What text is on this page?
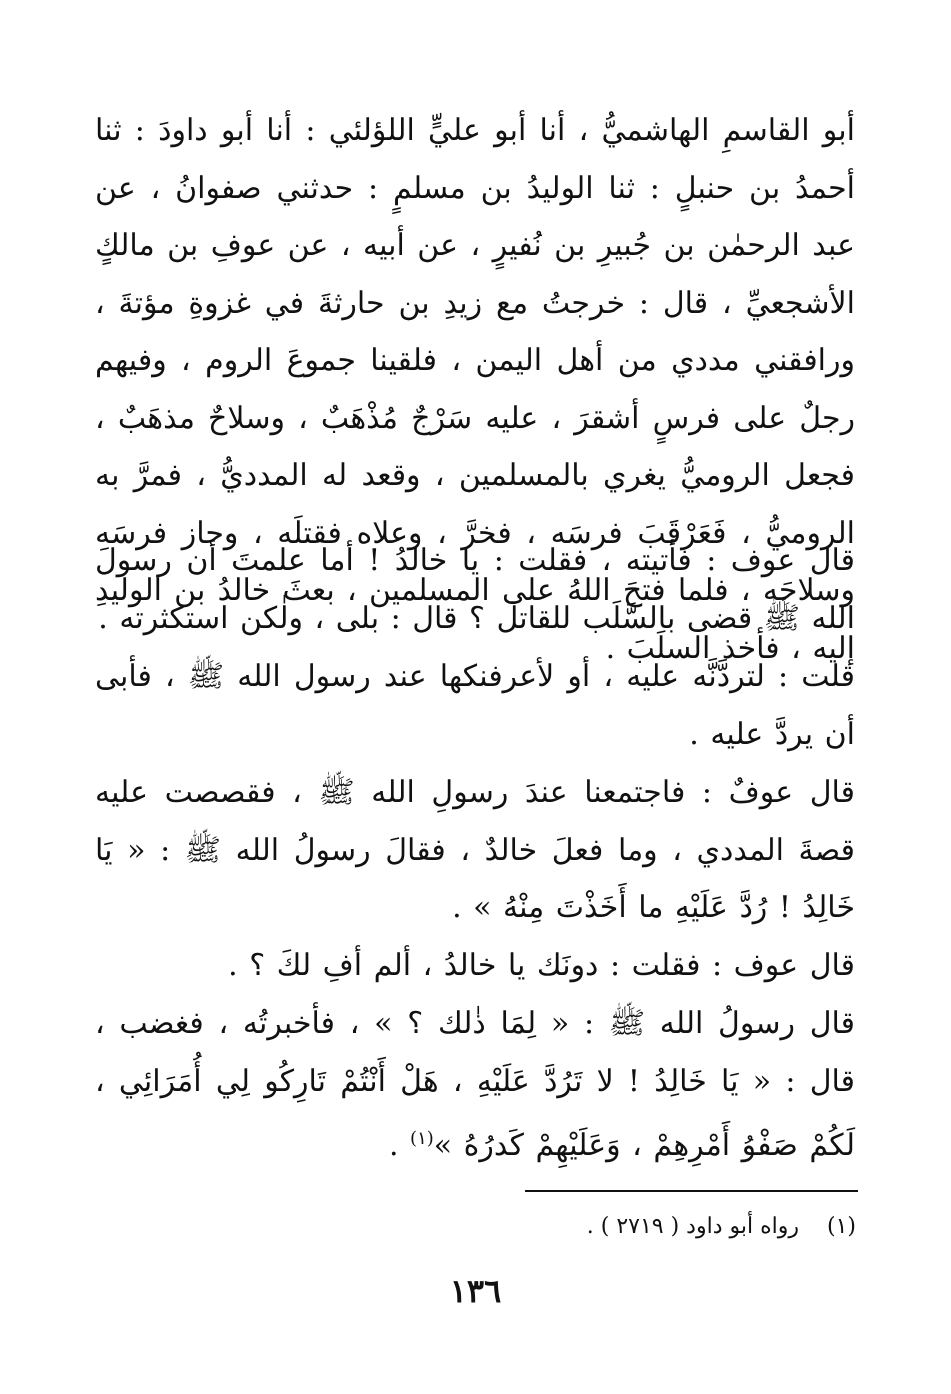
أبو القاسمِ الهاشميُّ ، أنا أبو عليٍّ اللؤلئي : أنا أبو داودَ : ثنا أحمدُ بن حنبلٍ : ثنا الوليدُ بن مسلمٍ : حدثني صفوانُ ، عن عبد الرحمٰن بن جُبيرِ بن نُفيرٍ ، عن أبيه ، عن عوفِ بن مالكٍ الأشجعيِّ ، قال : خرجتُ مع زيدِ بن حارثةَ في غزوةِ مؤتةَ ، ورافقني مددي من أهل اليمن ، فلقينا جموعَ الروم ، وفيهم رجلٌ على فرسٍ أشقرَ ، عليه سَرْجٌ مُذْهَبٌ ، وسلاحٌ مذهَبٌ ، فجعل الروميُّ يغري بالمسلمين ، وقعد له المدديُّ ، فمرَّ به الروميُّ ، فَعَرْقَبَ فرسَه ، فخرَّ ، وعلاه فقتلَه ، وحاز فرسَه وسلاحَه ، فلما فتحَ اللهُ على المسلمين ، بعثَ خالدُ بن الوليدِ إليه ، فأخذ السلَبَ .

قال عوف : فأتيته ، فقلت : يا خالدُ ! أما علمتَ أن رسولَ الله ﷺ قضى بالسَّلَب للقاتل ؟ قال : بلى ، ولٰكن استكثرته .

قلت : لتردَّنَّه عليه ، أو لأعرفنكها عند رسول الله ﷺ ، فأبى أن يردَّ عليه .

قال عوفٌ : فاجتمعنا عندَ رسولِ الله ﷺ ، فقصصت عليه قصةَ المددي ، وما فعلَ خالدٌ ، فقالَ رسولُ الله ﷺ : « يَا خَالِدُ ! رُدَّ عَلَيْهِ ما أَخَذْتَ مِنْهُ » .

قال عوف : فقلت : دونَك يا خالدُ ، ألم أفِ لكَ ؟ .

قال رسولُ الله ﷺ : « لِمَا ذٰلك ؟ » ، فأخبرتُه ، فغضب ، قال : « يَا خَالِدُ ! لا تَرُدَّ عَلَيْهِ ، هَلْ أَنْتُمْ تَارِكُو لِي أُمَرَائِي ، لَكُمْ صَفْوُ أَمْرِهِمْ ، وَعَلَيْهِمْ كَدرُهُ »$^{(١)}$ .

(١)رواه أبو داود ( ٢٧١٩ ) .
١٣٦
